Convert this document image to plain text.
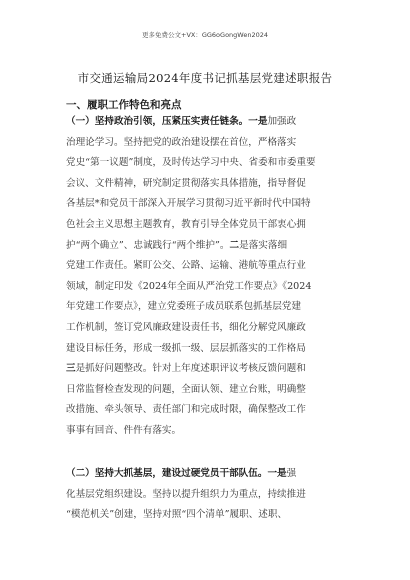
更多免费公文+VX：GG6oGongWen2024
市交通运输局2024年度书记抓基层党建述职报告
一、履职工作特色和亮点
（一）坚持政治引领，压紧压实责任链条。一是加强政
治理论学习。坚持把党的政治建设摆在首位，严格落实
党史“第一议题”制度，及时传达学习中央、省委和市委重要
会议、文件精神，研究制定贯彻落实具体措施，指导督促
各基层*和党员干部深入开展学习贯彻习近平新时代中国特
色社会主义思想主题教育，教育引导全体党员干部衷心拥
护“两个确立”、忠诚践行“两个维护”。二是落实落细
党建工作责任。紧盯公交、公路、运输、港航等重点行业
领域，制定印发《2024年全面从严治党工作要点》《2024
年党建工作要点》，建立党委班子成员联系包抓基层党建
工作机制，签订党风廉政建设责任书，细化分解党风廉政
建设目标任务，形成一级抓一级、层层抓落实的工作格局
三是抓好问题整改。针对上年度述职评议考核反馈问题和
日常监督检查发现的问题，全面认领、建立台账，明确整
改措施、牵头领导、责任部门和完成时限，确保整改工作
事事有回音、件件有落实。
（二）坚持大抓基层，建设过硬党员干部队伍。一是强
化基层党组织建设。坚持以提升组织力为重点，持续推进
“模范机关”创建，坚持对照“四个清单”履职、述职、
